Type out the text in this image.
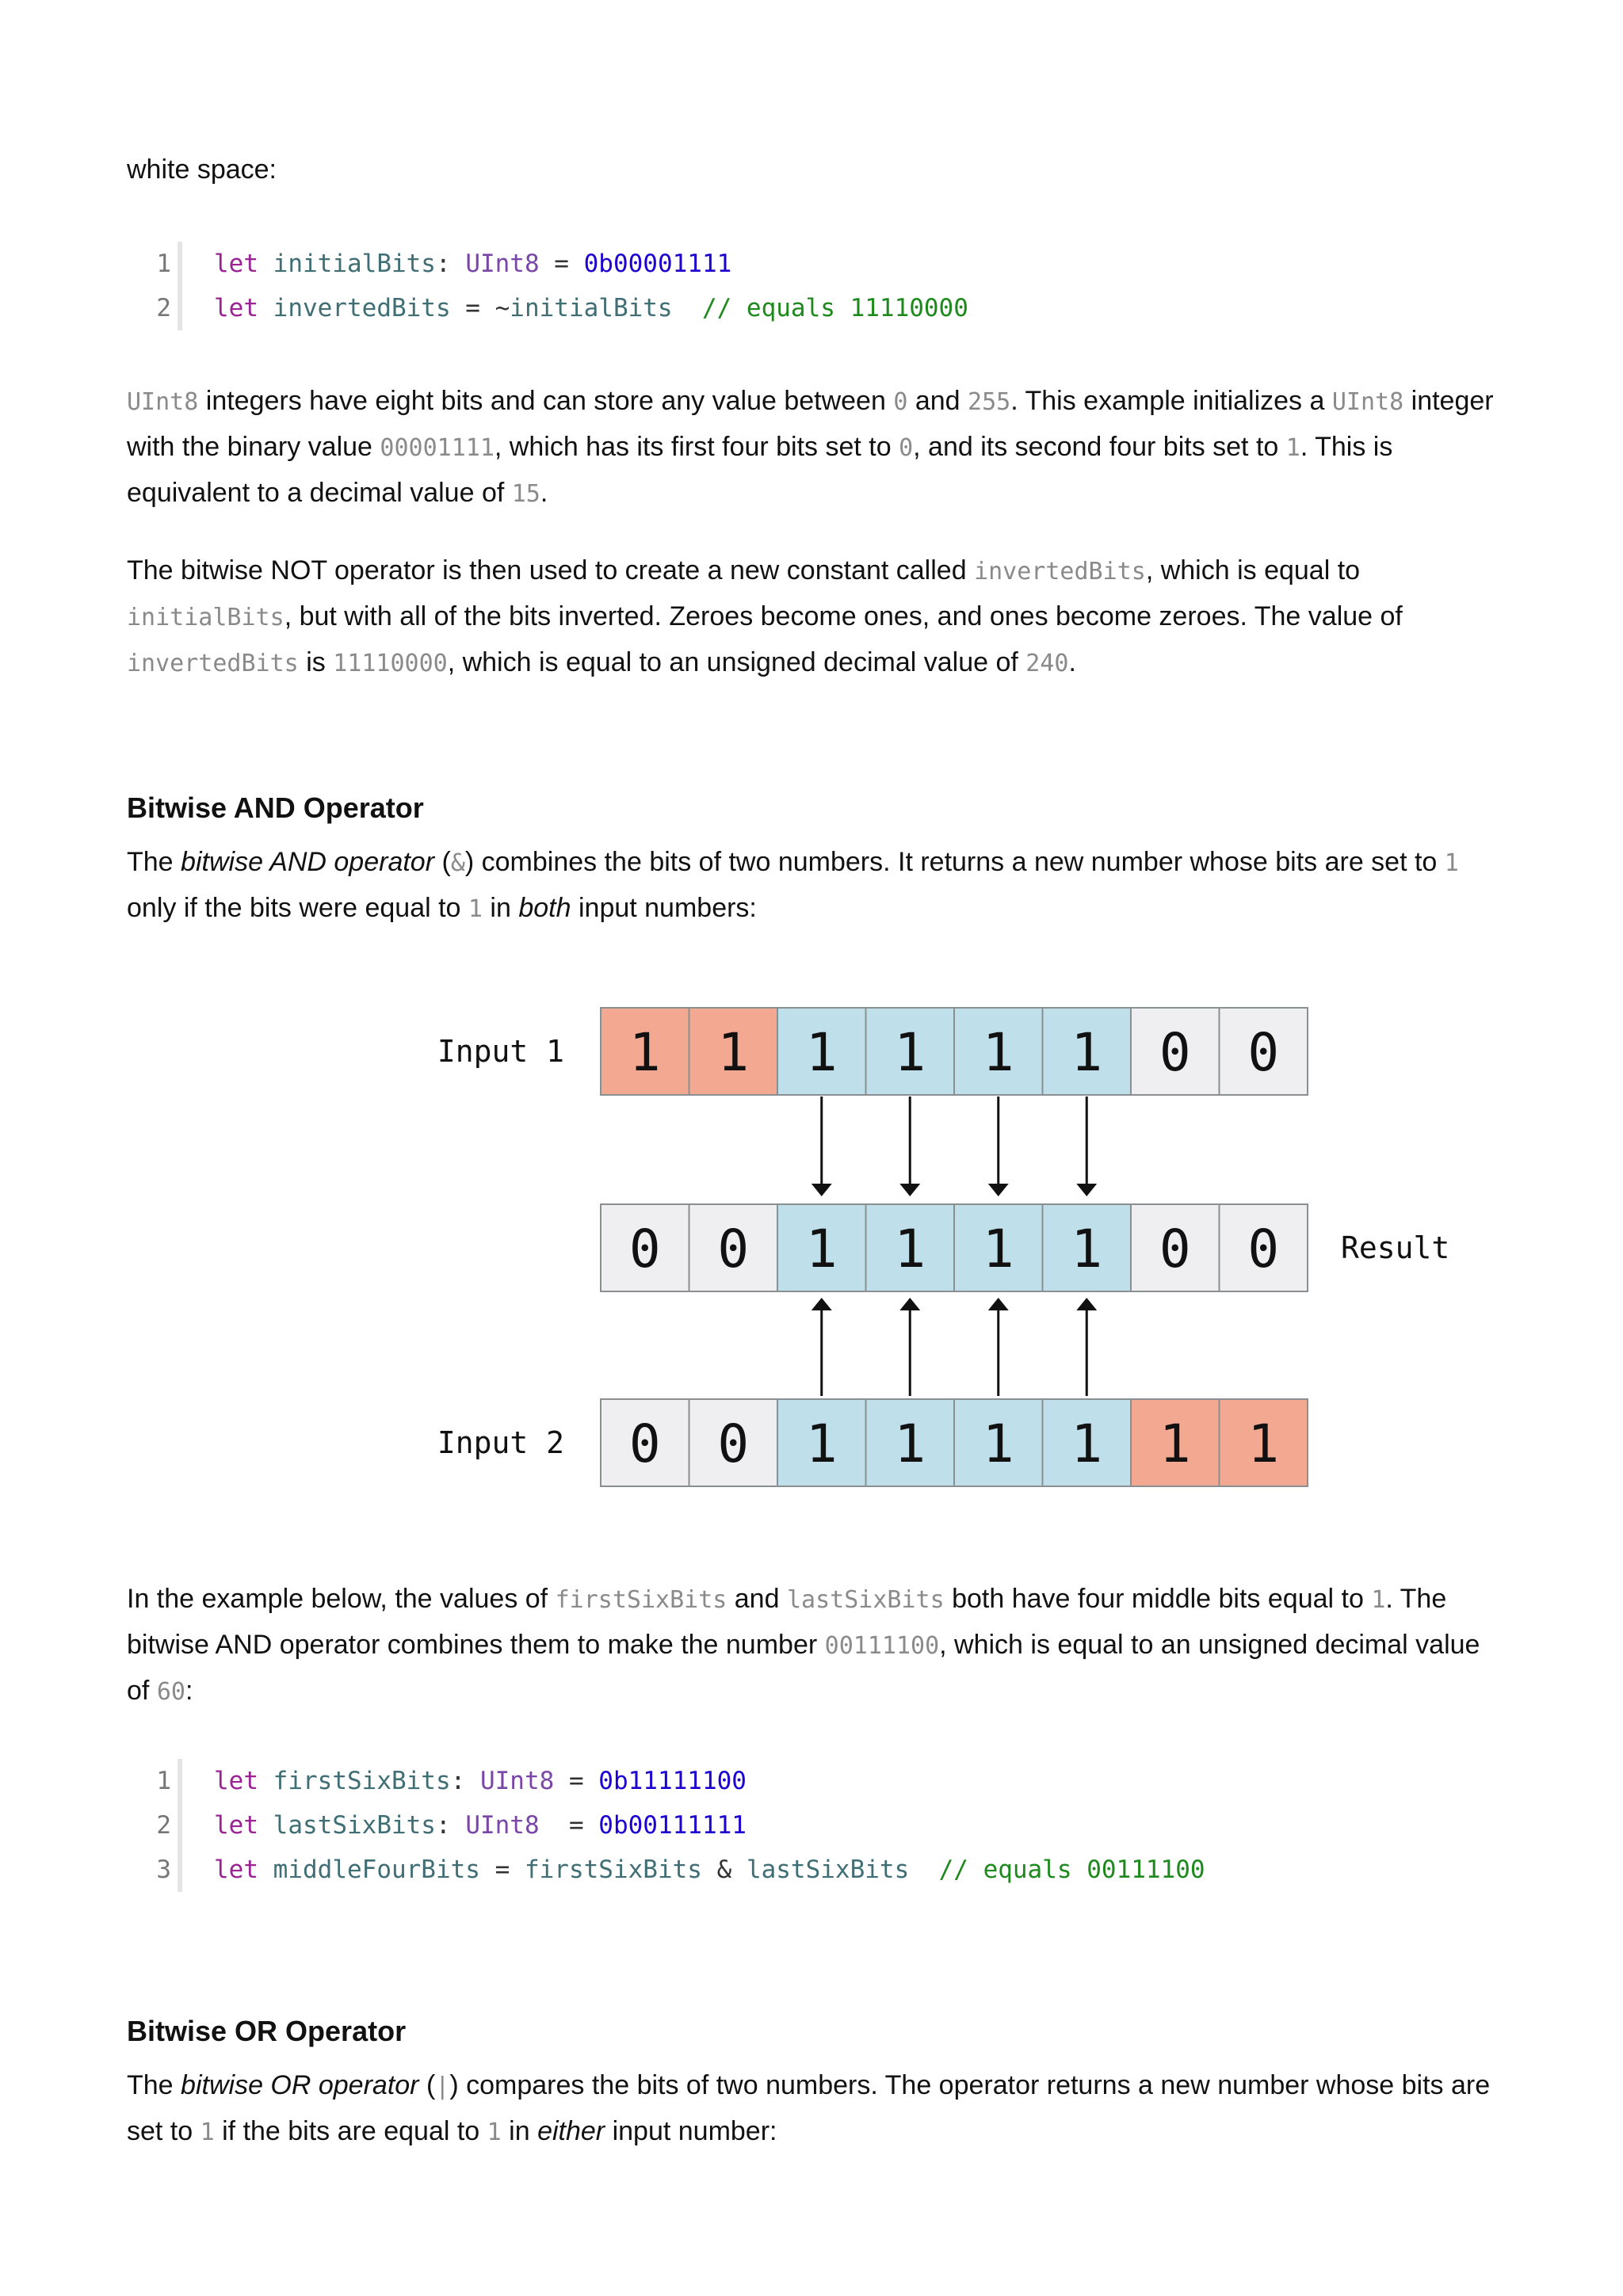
white space:

1 let initialBits: UInt8 = 0b00001111
2 let invertedBits = ~initialBits // equals 11110000

UInt8 integers have eight bits and can store any value between 0 and 255. This example initializes a UInt8 integer with the binary value 00001111, which has its first four bits set to 0, and its second four bits set to 1. This is equivalent to a decimal value of 15.

The bitwise NOT operator is then used to create a new constant called invertedBits, which is equal to initialBits, but with all of the bits inverted. Zeroes become ones, and ones become zeroes. The value of invertedBits is 11110000, which is equal to an unsigned decimal value of 240.

Bitwise AND Operator

The bitwise AND operator (&) combines the bits of two numbers. It returns a new number whose bits are set to 1 only if the bits were equal to 1 in both input numbers:

1 1 1 1 1 1 0 0
0 0 1 1 1 1 0 0
0 0 1 1 1 1 1 1
Input 1
Input 2
Result

In the example below, the values of firstSixBits and lastSixBits both have four middle bits equal to 1. The bitwise AND operator combines them to make the number 00111100, which is equal to an unsigned decimal value of 60:

1 let firstSixBits: UInt8 = 0b11111100
2 let lastSixBits: UInt8  = 0b00111111
3 let middleFourBits = firstSixBits & lastSixBits // equals 00111100
Bitwise OR Operator

The bitwise OR operator (|) compares the bits of two numbers. The operator returns a new number whose bits are set to 1 if the bits are equal to 1 in either input number:
